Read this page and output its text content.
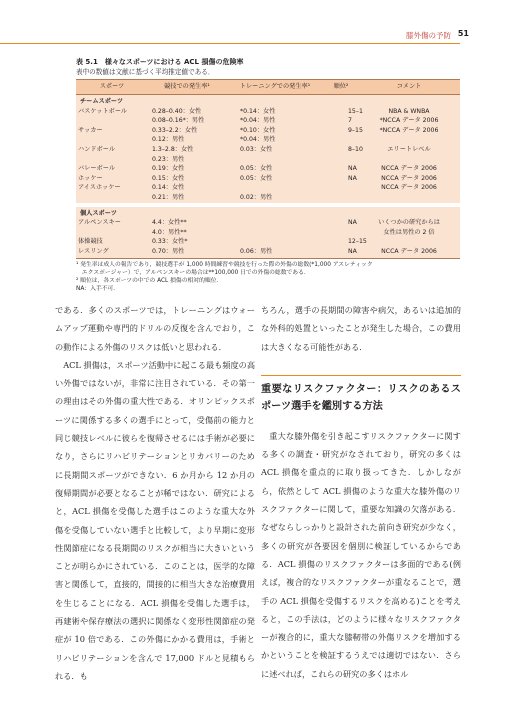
膝外傷の予防 51
表 5.1　様々なスポーツにおける ACL 損傷の危険率
表中の数値は文献に基づく平均推定値である．
スポーツ	競技での発生率¹	トレーニングでの発生率¹	順位²	コメント
チームスポーツ				
バスケットボール	0.28–0.40：女性	*0.14：女性	15–1	NBA & WNBA
	0.08–0.16*：男性	*0.04：男性	7	*NCCA データ 2006
サッカー	0.33–2.2：女性	*0.10：女性	9–15	*NCCA データ 2006
	0.12：男性	*0.04：男性		
ハンドボール	1.3–2.8：女性	0.03：女性	8–10	エリートレベル
	0.23：男性			
バレーボール	0.19：女性	0.05：女性	NA	NCCA データ 2006
ホッケー	0.15：女性	0.05：女性	NA	NCCA データ 2006
アイスホッケー	0.14：女性			NCCA データ 2006
	0.21：男性	0.02：男性		

個人スポーツ				
アルペンスキー	4.4：女性**		NA	いくつかの研究からは
	4.0：男性**			女性は男性の 2 倍
体操競技	0.33：女性*		12–15	
レスリング	0.70：男性	0.06：男性	NA	NCCA データ 2006
¹ 発生率は成人の報告であり，競技選手が 1,000 時間練習や競技を行った際の外傷の総数(*1,000 アスレティック
　エクスポージャー）で，アルペンスキーの場合は**100,000 日での外傷の総数である．
² 順位は，各スポーツの中での ACL 損傷の相対的順位．
NA：入手不可．

である．多くのスポーツでは，トレーニングはウォームアップ運動や専門的ドリルの反復を含んでおり，この動作による外傷のリスクは低いと思われる．

ACL 損傷は，スポーツ活動中に起こる最も頻度の高い外傷ではないが，非常に注目されている．その第一の理由はその外傷の重大性である．オリンピックスポーツに関係する多くの選手にとって，受傷前の能力と同じ競技レベルに彼らを復帰させるには手術が必要になり，さらにリハビリテーションとリカバリーのために長期間スポーツができない．6 か月から 12 か月の復帰期間が必要となることが稀ではない．研究によると，ACL 損傷を受傷した選手はこのような重大な外傷を受傷していない選手と比較して，より早期に変形性関節症になる長期間のリスクが相当に大きいということが明らかにされている．このことは，医学的な障害と関係して，直接的，間接的に相当大きな治療費用を生じることになる．ACL 損傷を受傷した選手は，再建術や保存療法の選択に関係なく変形性関節症の発症が 10 倍である．この外傷にかかる費用は，手術とリハビリテーションを含んで 17,000 ドルと見積もられる．も

ちろん，選手の長期間の障害や病欠，あるいは追加的な外科的処置といったことが発生した場合，この費用は大きくなる可能性がある．

重要なリスクファクター：リスクのあるスポーツ選手を鑑別する方法

重大な膝外傷を引き起こすリスクファクターに関する多くの調査・研究がなされており，研究の多くは ACL 損傷を重点的に取り扱ってきた．しかしながら，依然として ACL 損傷のような重大な膝外傷のリスクファクターに関して，重要な知識の欠落がある．なぜならしっかりと設計された前向き研究が少なく，多くの研究が各要因を個別に検証しているからである．ACL 損傷のリスクファクターは多面的である(例えば，複合的なリスクファクターが重なることで，選手の ACL 損傷を受傷するリスクを高める)ことを考えると，この手法は，どのように様々なリスクファクターが複合的に，重大な膝靭帯の外傷リスクを増加するかということを検証するうえでは適切ではない．さらに述べれば，これらの研究の多くはホル
